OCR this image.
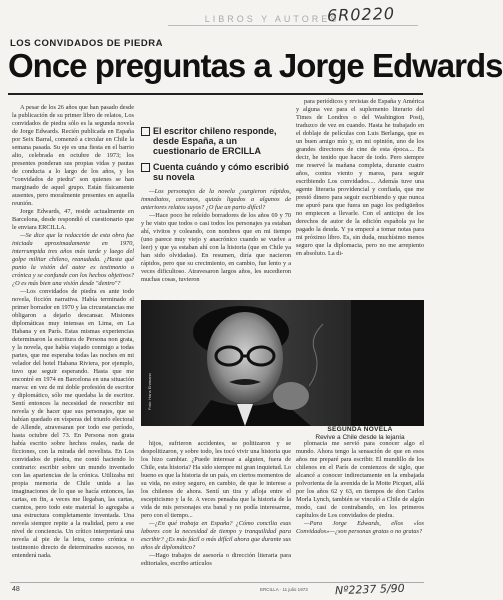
6R0220
LIBROS Y AUTORES
LOS CONVIDADOS DE PIEDRA
Once preguntas a Jorge Edwards

A pesar de los 26 años que han pasado desde la publicación de su primer libro de relatos, Los convidados de piedra sólo es la segunda novela de Jorge Edwards. Recién publicada en España por Seix Barral, comenzó a circular en Chile la semana pasada. Su eje es una fiesta en el barrio alto, celebrada en octubre de 1973; los presentes ponderan sus propias vidas y pautas de conducta a lo largo de los años, y los "convidados de piedra" son quienes se han marginado de aquel grupo. Están físicamente ausentes, pero moralmente presentes en aquella reunión.

Jorge Edwards, 47, reside actualmente en Barcelona, desde respondió el cuestionario que le enviara ERCILLA.

—Se dice que la redacción de esta obra fue iniciada aproximadamente en 1970, interrumpida tres años más tarde y luego del golpe militar chileno, reanudada. ¿Hasta qué punto la visión del autor es testimonio o crónica y se confunde con los hechos objetivos? ¿O es más bien una visión desde "dentro"?

—Los convidados de piedra es ante todo novela, ficción narrativa. Había terminado el primer borrador en 1970 y las circunstancias me obligaron a dejarlo descansar. Misiones diplomáticas muy intensas en Lima, en La Habana y en París. Estas mismas experiencias determinaron la escritura de Persona non grata, y la novela, que había viajado conmigo a todas partes, que me esperaba todas las noches en mi velador del hotel Habana Riviera, por ejemplo, tuvo que seguir esperando. Hasta que me encontré en 1974 en Barcelona en una situación nueva: en vez de mi doble profesión de escritor y diplomático, sólo me quedaba la de escritor. Sentí entonces la necesidad de reescribir mi novela y de hacer que sus personajes, que se habían quedado en vísperas del triunfo electoral de Allende, atravesaran por todo ese período, hasta octubre del 73. En Persona non grata había escrito sobre hechos reales, nada de ficciones, con la mirada del novelista. En Los convidados de piedra, me contó haciendo lo contrario: escribir sobre un mundo inventado con las apariencias de la crónica. Utilizaba mi propia memoria de Chile unida a las imaginaciones de lo que se hacía entonces, las cartas, en fin, a veces me llegaban, las cartas, cuentos, pero todo este material lo agregaba a una estructura completamente inventada. Una novela siempre repite a la realidad, pero a ese nivel de conciencia. Un crítico interpretará una novela al pie de la letra, como crónica o testimonio directo de determinados sucesos, no entenderá nada.

El escritor chileno responde, desde España, a un cuestionario de ERCILLA
Cuenta cuándo y cómo escribió su novela

—Los personajes de la novela ¿surgieron rápidos, inmediatos, cercanos, quizás ligados a algunos de anteriores relatos suyos? ¿O fue un parto difícil?

—Hace poco he releído borradores de los años 69 y 70 y he visto que todos o casi todos los personajes ya estaban ahí, vivitos y coleando, con nombres que en mi tiempo (uno parece muy viejo y anacrónico cuando se vuelve a leer) y que ya estaban ahí con la historia (que en Chile ya han sido olvidadas). En resumen, diría que nacieron rápidos, pero que su crecimiento, en cambio, fue lento y a veces dificultoso. Atravesaron largos años, les sucedieron muchas cosas, tuvieron

para periódicos y revistas de España y América y alguna vez para el suplemento literario del Times de Londres o del Washington Post), traduzco de vez en cuando. Hasta he trabajado en el doblaje de películas con Luis Berlanga, que es un buen amigo mío y, en mi opinión, uno de los grandes directores de cine de esta época.... Es decir, he tenido que hacer de todo. Pero siempre me reservé la mañana completa, durante cuatro años, contra viento y marea, para seguir escribiendo Los convidados.... Además tuve una agente literaria providencial y confiada, que me prestó dinero para seguir escribiendo y que nunca me apuró para que fuera un pago los pedigüeños no empiecen a llevarle. Con el anticipo de los derechos de autor de la edición española ya he pagado la deuda. Y ya empecé a tomar notas para mi próximo libro. Es, sin duda, muchísimo menos seguro que la diplomacia, pero no me arrepiento en absoluto. La di-

Foto: Hans Ehrmann
SEGUNDA NOVELA
Revive a Chile desde la lejanía

hijos, sufrieron accidentes, se politizaron y se despolitizaron, y sobre todo, les tocó vivir una historia que los hizo cambiar. ¿Puede interesar a alguien, fuera de Chile, esta historia? Ha sido siempre mi gran inquietud. Lo bueno es que la historia de un país, en ciertos momentos de su vida, no estoy seguro, en cambio, de que le interese a los chilenos de ahora. Sentí un tira y afloja entre el escepticismo y la fe. A veces pensaba que la historia de la vida de mis personajes era banal y no podía interesarme, pero con el tiempo...

—¿En qué trabaja en España? ¿Cómo concilia esas labores con la necesidad de tiempo y tranquilidad para escribir? ¿Es más fácil o más difícil ahora que durante sus años de diplomático?

—Hago trabajos de asesoría o dirección literaria para editoriales, escribo artículos

plomacia me servió para conocer algo el mundo. Ahora tengo la sensación de que en esos años me preparé para escribir. El mundillo de los chilenos en el París de comienzos de siglo, que alcancé a conocer indirectamente en la embajada polvorienta de la avenida de la Motte Picquet, allá por los años 62 y 63, en tiempos de don Carlos Morla Lynch, también se vinculó a Chile de algún modo, casi de contrabando, en los primeros capítulos de Los convidados de piedra.

—Para Jorge Edwards, ellos «los Convidados»—¿son personas gratas o no gratas?

48	ERCILLA · 11 julio 1973 Nº2237 5/90
